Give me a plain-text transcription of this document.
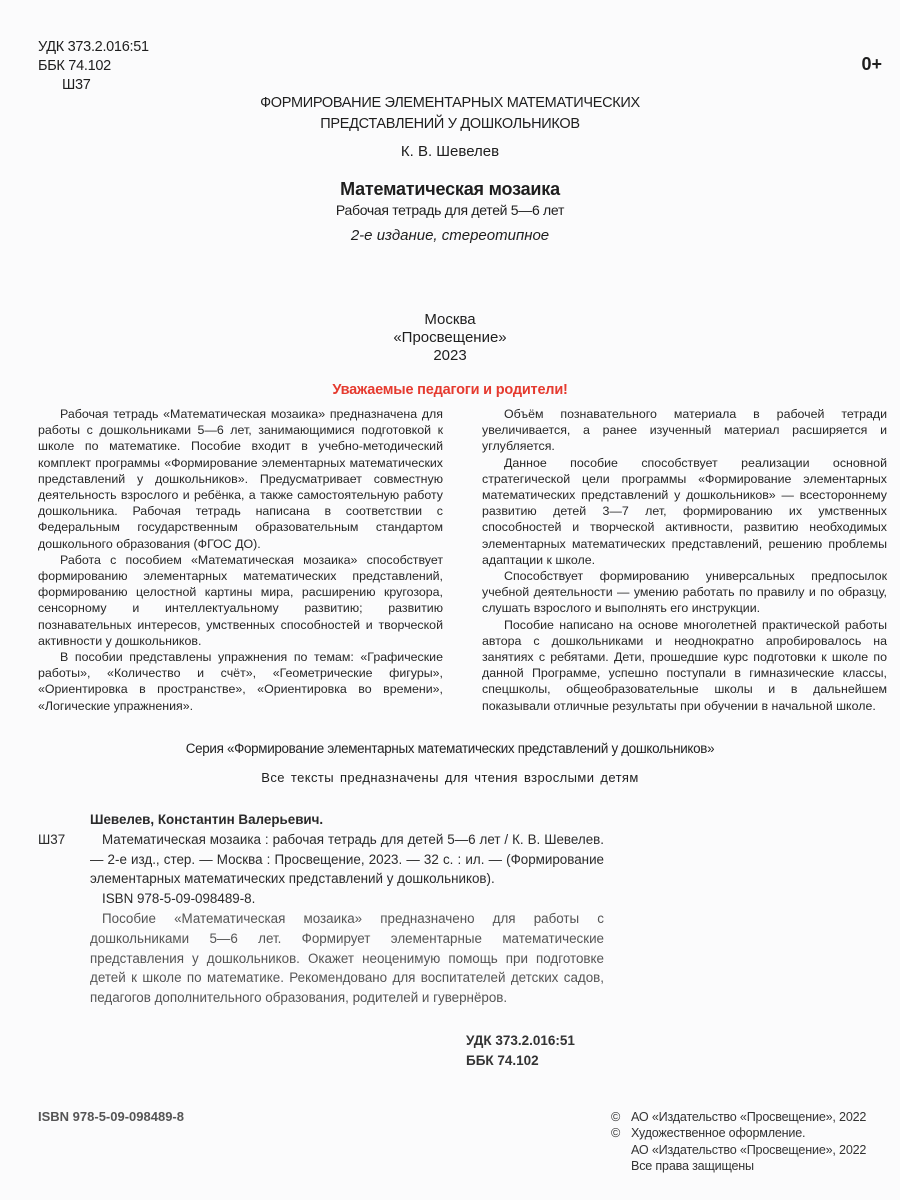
УДК 373.2.016:51
ББК 74.102
Ш37
0+
ФОРМИРОВАНИЕ ЭЛЕМЕНТАРНЫХ МАТЕМАТИЧЕСКИХ
ПРЕДСТАВЛЕНИЙ У ДОШКОЛЬНИКОВ
К. В. Шевелев
Математическая мозаика
Рабочая тетрадь для детей 5—6 лет
2-е издание, стереотипное
Москва
«Просвещение»
2023
Уважаемые педагоги и родители!

Рабочая тетрадь «Математическая мозаика» предназначена для работы с дошкольниками 5—6 лет, занимающимися подготовкой к школе по математике. Пособие входит в учебно-методический комплект программы «Формирование элементарных математических представлений у дошкольников». Предусматривает совместную деятельность взрослого и ребёнка, а также самостоятельную работу дошкольника. Рабочая тетрадь написана в соответствии с Федеральным государственным образовательным стандартом дошкольного образования (ФГОС ДО).

Работа с пособием «Математическая мозаика» способствует формированию элементарных математических представлений, формированию целостной картины мира, расширению кругозора, сенсорному и интеллектуальному развитию; развитию познавательных интересов, умственных способностей и творческой активности у дошкольников.

В пособии представлены упражнения по темам: «Графические работы», «Количество и счёт», «Геометрические фигуры», «Ориентировка в пространстве», «Ориентировка во времени», «Логические упражнения».

Объём познавательного материала в рабочей тетради увеличивается, а ранее изученный материал расширяется и углубляется.

Данное пособие способствует реализации основной стратегической цели программы «Формирование элементарных математических представлений у дошкольников» — всестороннему развитию детей 3—7 лет, формированию их умственных способностей и творческой активности, развитию необходимых элементарных математических представлений, решению проблемы адаптации к школе.

Способствует формированию универсальных предпосылок учебной деятельности — умению работать по правилу и по образцу, слушать взрослого и выполнять его инструкции.

Пособие написано на основе многолетней практической работы автора с дошкольниками и неоднократно апробировалось на занятиях с ребятами. Дети, прошедшие курс подготовки к школе по данной Программе, успешно поступали в гимназические классы, спецшколы, общеобразовательные школы и в дальнейшем показывали отличные результаты при обучении в начальной школе.

Серия «Формирование элементарных математических представлений у дошкольников»
Все тексты предназначены для чтения взрослыми детям
Шевелев, Константин Валерьевич.
Ш37	Математическая мозаика : рабочая тетрадь для детей 5—6 лет / К. В. Шевелев. — 2-е изд., стер. — Москва : Просвещение, 2023. — 32 с. : ил. — (Формирование элементарных математических представлений у дошкольников).

ISBN 978-5-09-098489-8.

Пособие «Математическая мозаика» предназначено для работы с дошкольниками 5—6 лет. Формирует элементарные математические представления у дошкольников. Окажет неоценимую помощь при подготовке детей к школе по математике. Рекомендовано для воспитателей детских садов, педагогов дополнительного образования, родителей и гувернёров.

УДК 373.2.016:51
ББК 74.102
ISBN 978-5-09-098489-8	© АО «Издательство «Просвещение», 2022
© Художественное оформление.
АО «Издательство «Просвещение», 2022
Все права защищены
